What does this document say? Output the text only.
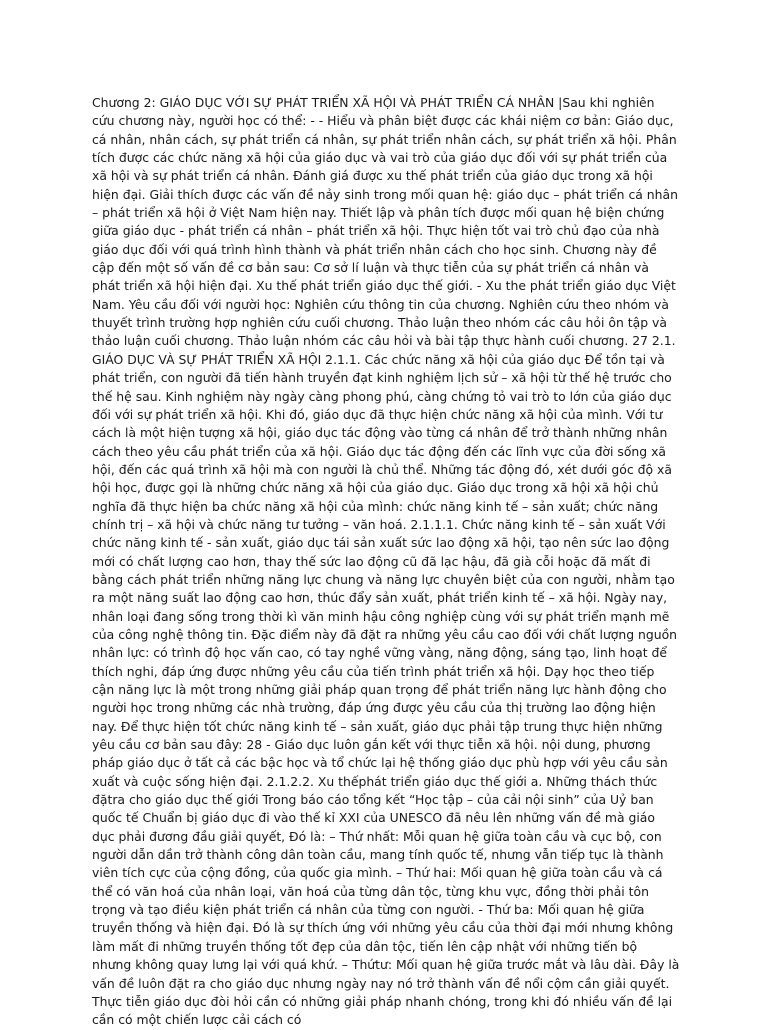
Chương 2: GIÁO DỤC VỚI SỰ PHÁT TRIỂN XÃ HỘI VÀ PHÁT TRIỂN CÁ NHÂN |Sau khi nghiên cứu chương này, người học có thể: - - Hiểu và phân biệt được các khái niệm cơ bản: Giáo dục, cá nhân, nhân cách, sự phát triển cá nhân, sự phát triển nhân cách, sự phát triển xã hội. Phân tích được các chức năng xã hội của giáo dục và vai trò của giáo dục đối với sự phát triển của xã hội và sự phát triển cá nhân. Đánh giá được xu thế phát triển của giáo dục trong xã hội hiện đại. Giải thích được các vấn đề nảy sinh trong mối quan hệ: giáo dục – phát triển cá nhân – phát triển xã hội ở Việt Nam hiện nay. Thiết lập và phân tích được mối quan hệ biện chứng giữa giáo dục - phát triển cá nhân – phát triển xã hội. Thực hiện tốt vai trò chủ đạo của nhà giáo dục đối với quá trình hình thành và phát triển nhân cách cho học sinh. Chương này đề cập đến một số vấn đề cơ bản sau: Cơ sở lí luận và thực tiễn của sự phát triển cá nhân và phát triển xã hội hiện đại. Xu thế phát triển giáo dục thế giới. - Xu the phát triển giáo dục Việt Nam. Yêu cầu đối với người học: Nghiên cứu thông tin của chương. Nghiên cứu theo nhóm và thuyết trình trường hợp nghiên cứu cuối chương. Thảo luận theo nhóm các câu hỏi ôn tập và thảo luận cuối chương. Thảo luận nhóm các câu hỏi và bài tập thực hành cuối chương. 27 2.1. GIÁO DỤC VÀ SỰ PHÁT TRIỂN XÃ HỘI 2.1.1. Các chức năng xã hội của giáo dục Để tồn tại và phát triển, con người đã tiến hành truyền đạt kinh nghiệm lịch sử – xã hội từ thế hệ trước cho thế hệ sau. Kinh nghiệm này ngày càng phong phú, càng chứng tỏ vai trò to lớn của giáo dục đối với sự phát triển xã hội. Khi đó, giáo dục đã thực hiện chức năng xã hội của mình. Với tư cách là một hiện tượng xã hội, giáo dục tác động vào từng cá nhân để trở thành những nhân cách theo yêu cầu phát triển của xã hội. Giáo dục tác động đến các lĩnh vực của đời sống xã hội, đến các quá trình xã hội mà con người là chủ thể. Những tác động đó, xét dưới góc độ xã hội học, được gọi là những chức năng xã hội của giáo dục. Giáo dục trong xã hội xã hội chủ nghĩa đã thực hiện ba chức năng xã hội của mình: chức năng kinh tế – sản xuất; chức năng chính trị – xã hội và chức năng tư tưởng – văn hoá. 2.1.1.1. Chức năng kinh tế – sản xuất Với chức năng kinh tế - sản xuất, giáo dục tái sản xuất sức lao động xã hội, tạo nên sức lao động mới có chất lượng cao hơn, thay thế sức lao động cũ đã lạc hậu, đã già cỗi hoặc đã mất đi bằng cách phát triển những năng lực chung và năng lực chuyên biệt của con người, nhằm tạo ra một năng suất lao động cao hơn, thúc đẩy sản xuất, phát triển kinh tế – xã hội. Ngày nay, nhân loại đang sống trong thời kì văn minh hậu công nghiệp cùng với sự phát triển mạnh mẽ của công nghệ thông tin. Đặc điểm này đã đặt ra những yêu cầu cao đối với chất lượng nguồn nhân lực: có trình độ học vấn cao, có tay nghề vững vàng, năng động, sáng tạo, linh hoạt để thích nghi, đáp ứng được những yêu cầu của tiến trình phát triển xã hội. Dạy học theo tiếp cận năng lực là một trong những giải pháp quan trọng để phát triển năng lực hành động cho người học trong những các nhà trường, đáp ứng được yêu cầu của thị trường lao động hiện nay. Để thực hiện tốt chức năng kinh tế – sản xuất, giáo dục phải tập trung thực hiện những yêu cầu cơ bản sau đây: 28 - Giáo dục luôn gắn kết với thực tiễn xã hội. nội dung, phương pháp giáo dục ở tất cả các bậc học và tổ chức lại hệ thống giáo dục phù hợp với yêu cầu sản xuất và cuộc sống hiện đại. 2.1.2.2. Xu thếphát triển giáo dục thế giới a. Những thách thức đặtra cho giáo dục thế giới Trong báo cáo tổng kết “Học tập – của cải nội sinh” của Uỷ ban quốc tế Chuẩn bị giáo dục đi vào thế kỉ XXI của UNESCO đã nêu lên những vấn đề mà giáo dục phải đương đầu giải quyết, Đó là: – Thứ nhất: Mỗi quan hệ giữa toàn cầu và cục bộ, con người dẫn dần trở thành công dân toàn cầu, mang tính quốc tế, nhưng vẫn tiếp tục là thành viên tích cực của cộng đồng, của quốc gia mình. – Thứ hai: Mối quan hệ giữa toàn cầu và cá thể có văn hoá của nhân loại, văn hoá của từng dân tộc, từng khu vực, đồng thời phải tôn trọng và tạo điều kiện phát triển cá nhân của từng con người. - Thứ ba: Mối quan hệ giữa truyền thống và hiện đại. Đó là sự thích ứng với những yêu cầu của thời đại mới nhưng không làm mất đi những truyền thống tốt đẹp của dân tộc, tiến lên cập nhật với những tiến bộ nhưng không quay lưng lại với quá khứ. – Thứtư: Mối quan hệ giữa trước mắt và lâu dài. Đây là vấn đề luôn đặt ra cho giáo dục nhưng ngày nay nó trở thành vấn đề nổi cộm cần giải quyết. Thực tiễn giáo dục đòi hỏi cần có những giải pháp nhanh chóng, trong khi đó nhiều vấn đề lại cần có một chiến lược cải cách có
